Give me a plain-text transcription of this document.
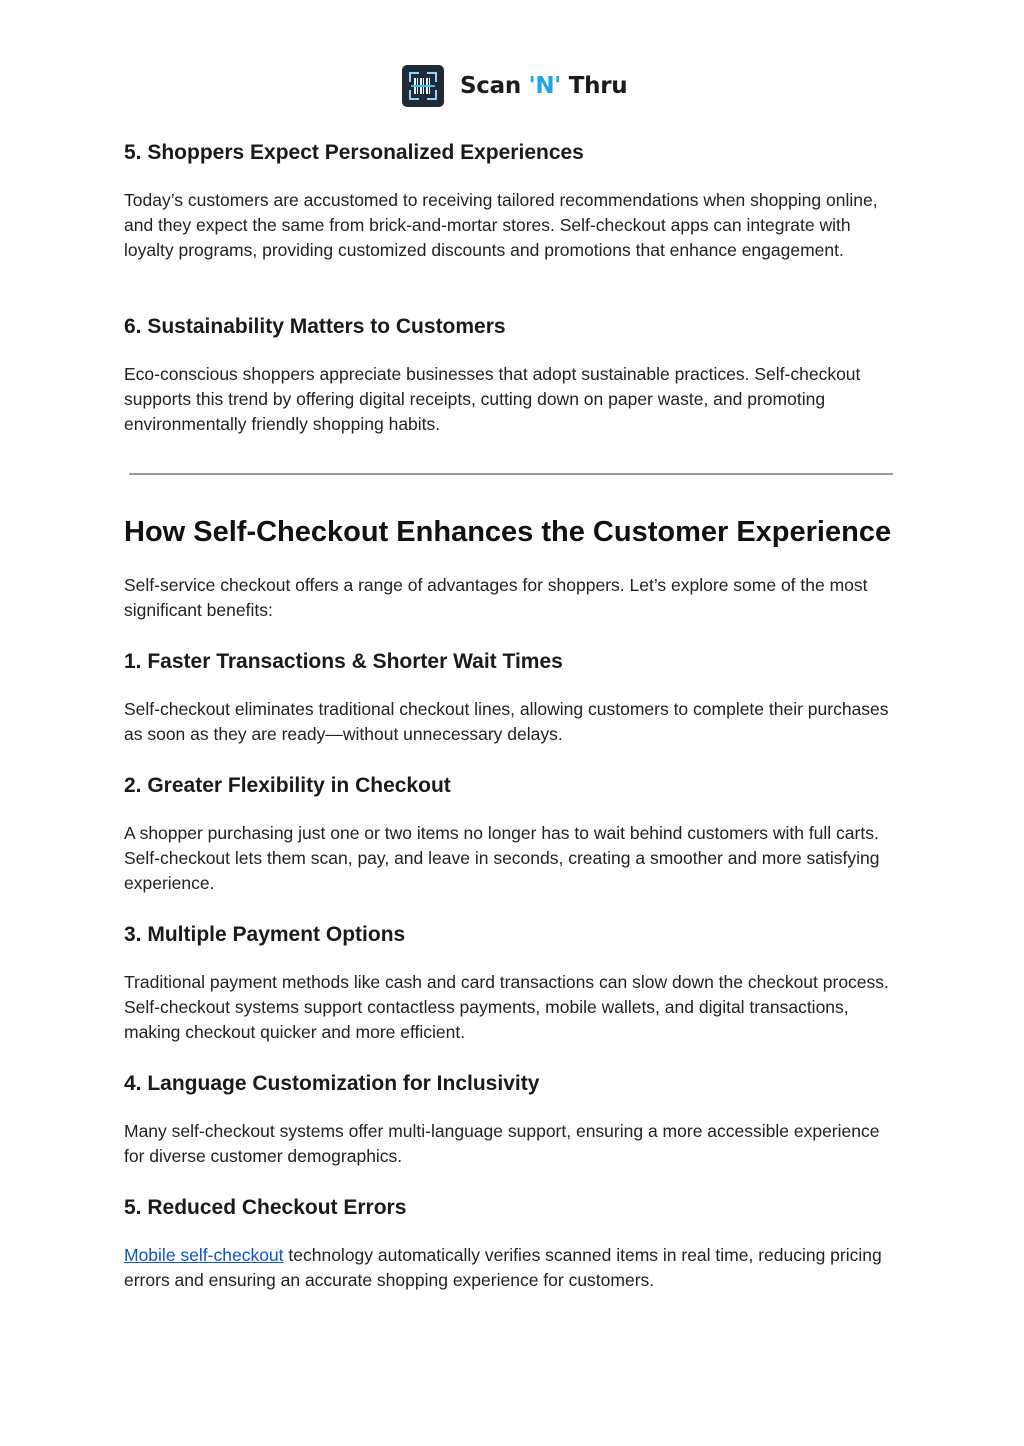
Scan 'N' Thru
5. Shoppers Expect Personalized Experiences

Today’s customers are accustomed to receiving tailored recommendations when shopping online, and they expect the same from brick-and-mortar stores. Self-checkout apps can integrate with loyalty programs, providing customized discounts and promotions that enhance engagement.

6. Sustainability Matters to Customers

Eco-conscious shoppers appreciate businesses that adopt sustainable practices. Self-checkout supports this trend by offering digital receipts, cutting down on paper waste, and promoting environmentally friendly shopping habits.

How Self-Checkout Enhances the Customer Experience

Self-service checkout offers a range of advantages for shoppers. Let’s explore some of the most significant benefits:

1. Faster Transactions & Shorter Wait Times

Self-checkout eliminates traditional checkout lines, allowing customers to complete their purchases as soon as they are ready—without unnecessary delays.

2. Greater Flexibility in Checkout

A shopper purchasing just one or two items no longer has to wait behind customers with full carts. Self-checkout lets them scan, pay, and leave in seconds, creating a smoother and more satisfying experience.

3. Multiple Payment Options

Traditional payment methods like cash and card transactions can slow down the checkout process. Self-checkout systems support contactless payments, mobile wallets, and digital transactions, making checkout quicker and more efficient.

4. Language Customization for Inclusivity

Many self-checkout systems offer multi-language support, ensuring a more accessible experience for diverse customer demographics.

5. Reduced Checkout Errors

Mobile self-checkout technology automatically verifies scanned items in real time, reducing pricing errors and ensuring an accurate shopping experience for customers.
